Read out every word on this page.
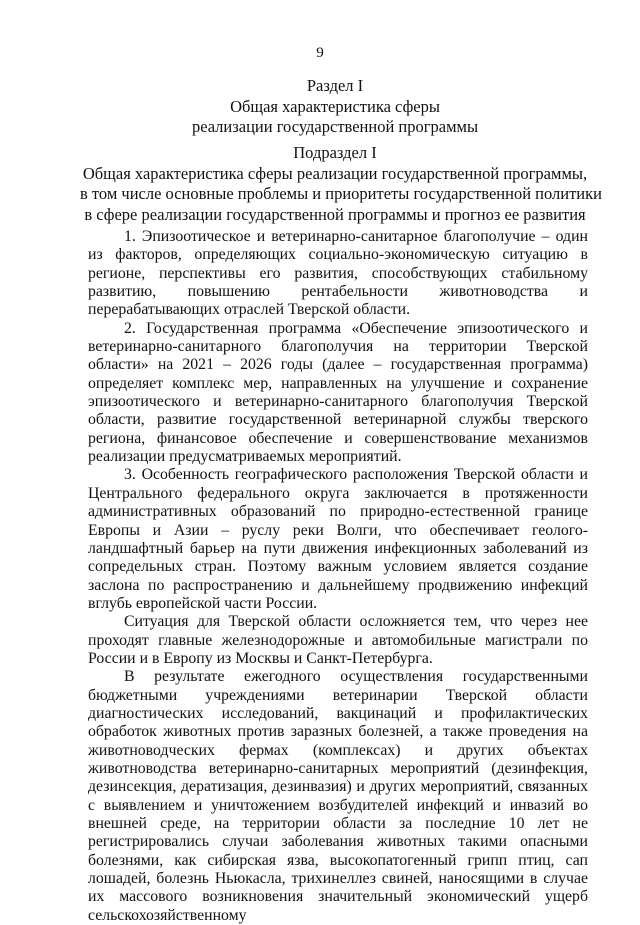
9
Раздел I
Общая характеристика сферы
реализации государственной программы
Подраздел I
Общая характеристика сферы реализации государственной программы,
в том числе основные проблемы и приоритеты государственной политики
в сфере реализации государственной программы и прогноз ее развития

1. Эпизоотическое и ветеринарно-санитарное благополучие – один из факторов, определяющих социально-экономическую ситуацию в регионе, перспективы его развития, способствующих стабильному развитию, повышению рентабельности животноводства и перерабатывающих отраслей Тверской области.

2. Государственная программа «Обеспечение эпизоотического и ветеринарно-санитарного благополучия на территории Тверской области» на 2021 – 2026 годы (далее – государственная программа) определяет комплекс мер, направленных на улучшение и сохранение эпизоотического и ветеринарно-санитарного благополучия Тверской области, развитие государственной ветеринарной службы тверского региона, финансовое обеспечение и совершенствование механизмов реализации предусматриваемых мероприятий.

3. Особенность географического расположения Тверской области и Центрального федерального округа заключается в протяженности административных образований по природно-естественной границе Европы и Азии – руслу реки Волги, что обеспечивает геолого-ландшафтный барьер на пути движения инфекционных заболеваний из сопредельных стран. Поэтому важным условием является создание заслона по распространению и дальнейшему продвижению инфекций вглубь европейской части России.

Ситуация для Тверской области осложняется тем, что через нее проходят главные железнодорожные и автомобильные магистрали по России и в Европу из Москвы и Санкт-Петербурга.

В результате ежегодного осуществления государственными бюджетными учреждениями ветеринарии Тверской области диагностических исследований, вакцинаций и профилактических обработок животных против заразных болезней, а также проведения на животноводческих фермах (комплексах) и других объектах животноводства ветеринарно-санитарных мероприятий (дезинфекция, дезинсекция, дератизация, дезинвазия) и других мероприятий, связанных с выявлением и уничтожением возбудителей инфекций и инвазий во внешней среде, на территории области за последние 10 лет не регистрировались случаи заболевания животных такими опасными болезнями, как сибирская язва, высокопатогенный грипп птиц, сап лошадей, болезнь Ньюкасла, трихинеллез свиней, наносящими в случае их массового возникновения значительный экономический ущерб сельскохозяйственному
